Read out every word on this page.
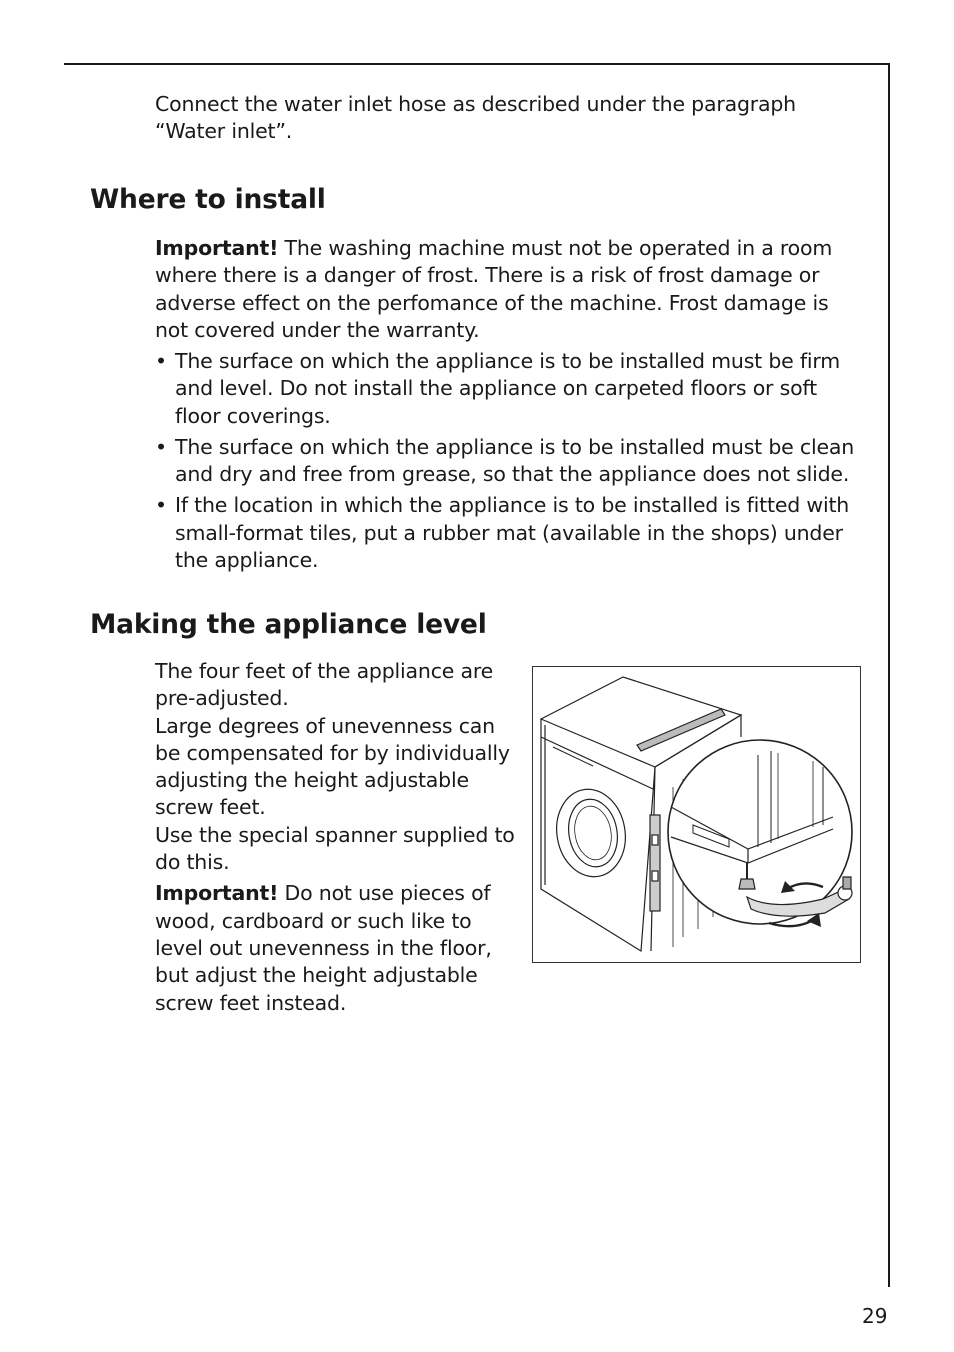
Connect the water inlet hose as described under the paragraph “Water inlet”.
Where to install
Important! The washing machine must not be operated in a room where there is a danger of frost. There is a risk of frost damage or adverse effect on the perfomance of the machine. Frost damage is not covered under the warranty.
• The surface on which the appliance is to be installed must be firm and level. Do not install the appliance on carpeted floors or soft floor coverings.
• The surface on which the appliance is to be installed must be clean and dry and free from grease, so that the appliance does not slide.
• If the location in which the appliance is to be installed is fitted with small-format tiles, put a rubber mat (available in the shops) under the appliance.
Making the appliance level

The four feet of the appliance are pre-adjusted.

Large degrees of unevenness can be compensated for by individually adjusting the height adjustable screw feet.

Use the special spanner supplied to do this.

Important! Do not use pieces of wood, cardboard or such like to level out unevenness in the floor, but adjust the height adjustable screw feet instead.

29
